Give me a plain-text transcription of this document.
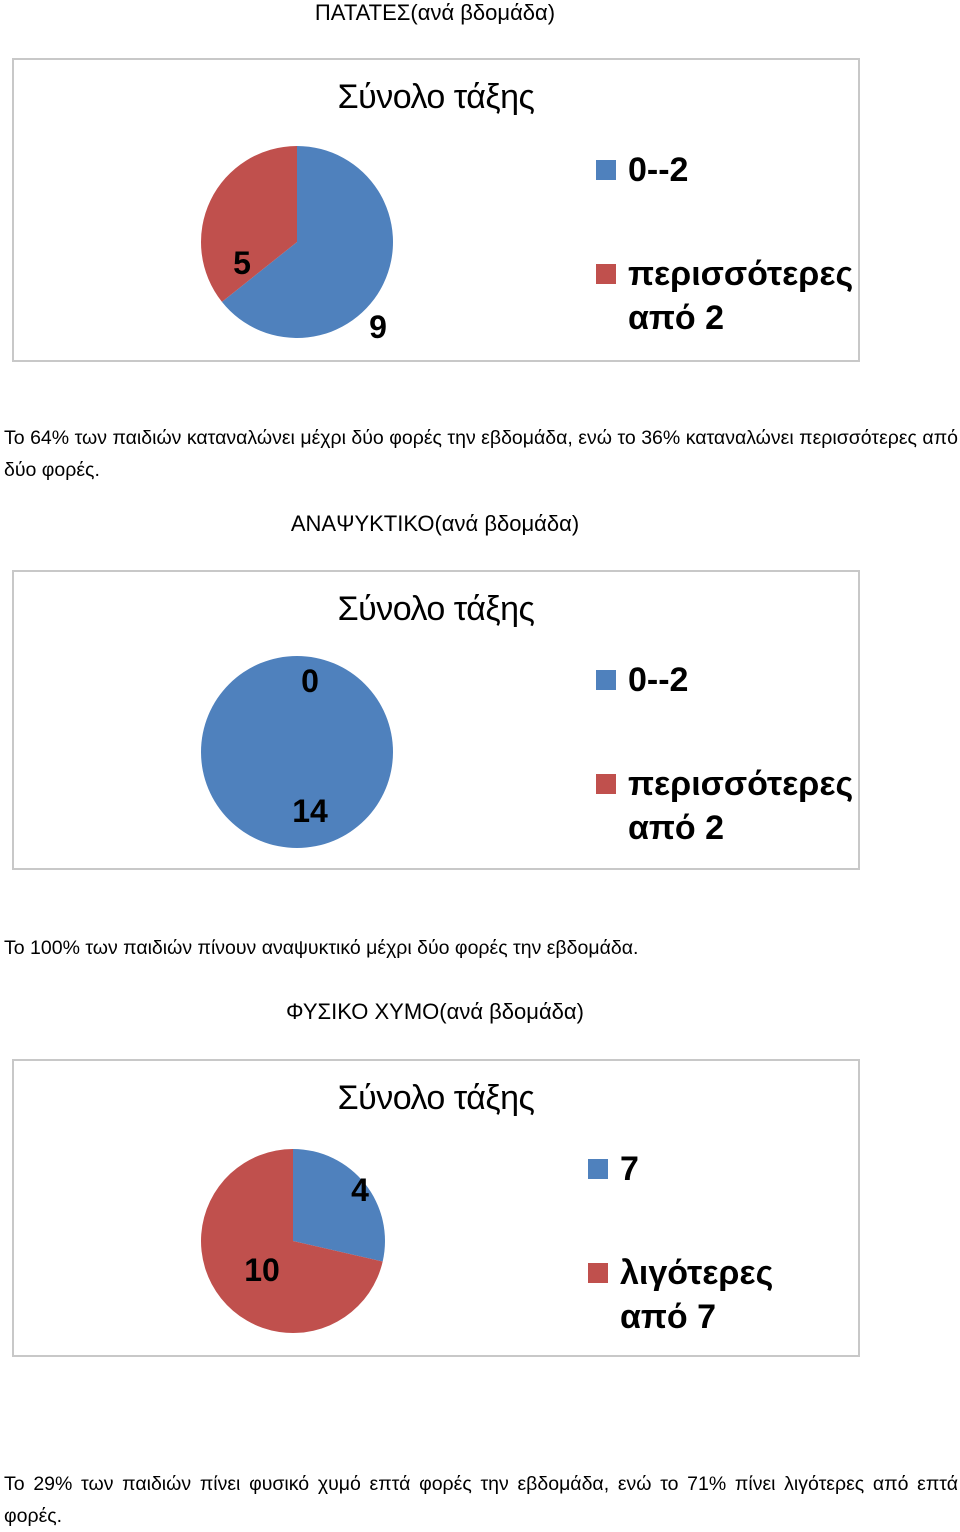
ΠΑΤΑΤΕΣ(ανά βδομάδα)
Σύνολο τάξης
9
5
0--2
περισσότερες από 2
Το 64% των παιδιών καταναλώνει μέχρι δύο φορές την εβδομάδα, ενώ το 36% καταναλώνει περισσότερες από δύο φορές.
ΑΝΑΨΥΚΤΙΚΟ(ανά βδομάδα)
Σύνολο τάξης
14
0	0--2
περισσότερες από 2
Το 100% των παιδιών πίνουν αναψυκτικό μέχρι δύο φορές την εβδομάδα.
ΦΥΣΙΚΟ ΧΥΜΟ(ανά βδομάδα)
Σύνολο τάξης
4
10
7
λιγότερες από 7
Το 29% των παιδιών πίνει φυσικό χυμό επτά φορές την εβδομάδα, ενώ το 71% πίνει λιγότερες από επτά φορές.
